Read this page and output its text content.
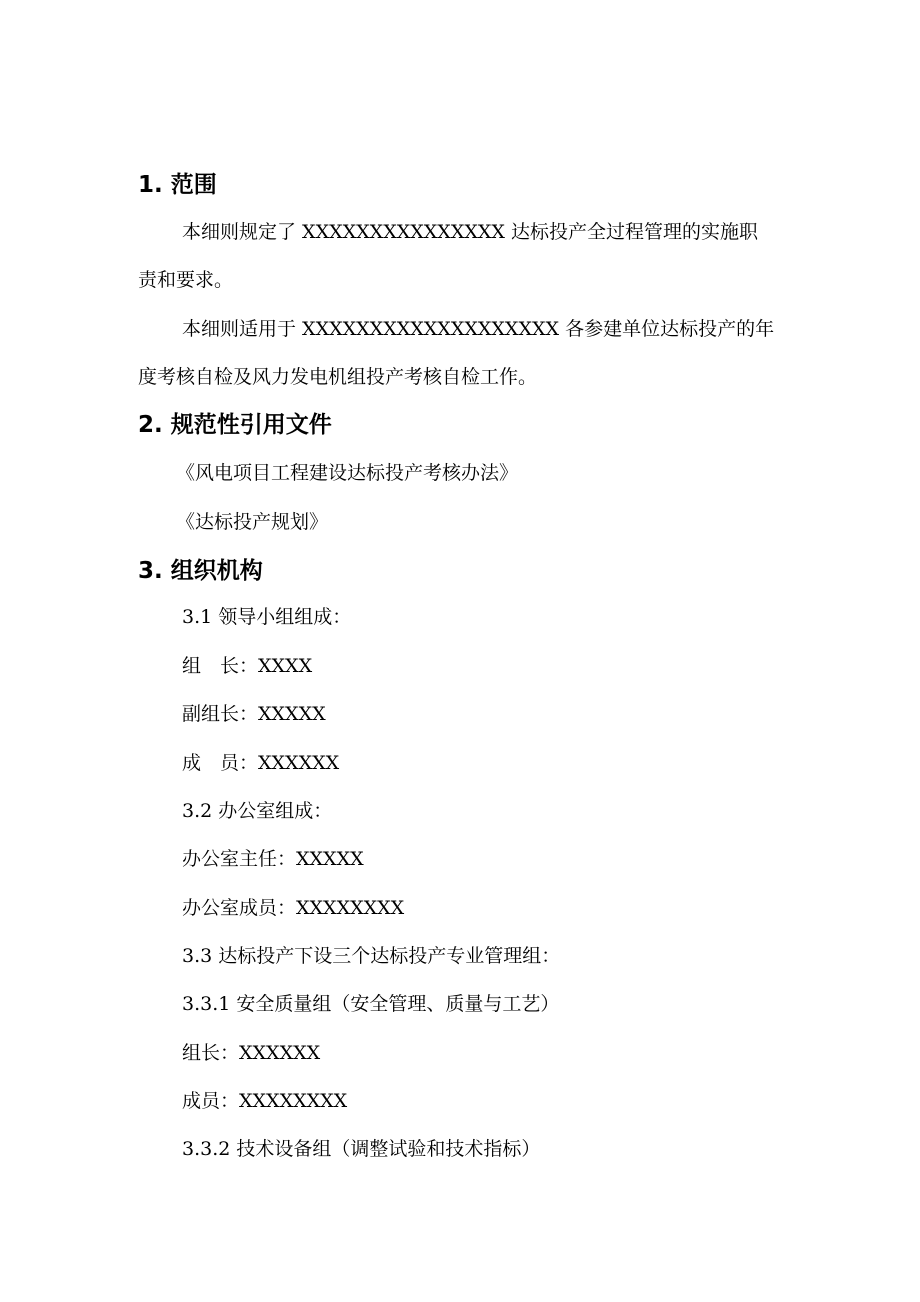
1. 范围
本细则规定了 XXXXXXXXXXXXXXX 达标投产全过程管理的实施职
责和要求。
本细则适用于 XXXXXXXXXXXXXXXXXXX 各参建单位达标投产的年
度考核自检及风力发电机组投产考核自检工作。
2. 规范性引用文件
《风电项目工程建设达标投产考核办法》
《达标投产规划》
3. 组织机构
3.1 领导小组组成：
组　长：XXXX
副组长：XXXXX
成　员：XXXXXX
3.2 办公室组成：
办公室主任：XXXXX
办公室成员：XXXXXXXX
3.3 达标投产下设三个达标投产专业管理组：
3.3.1 安全质量组（安全管理、质量与工艺）
组长：XXXXXX
成员：XXXXXXXX
3.3.2 技术设备组（调整试验和技术指标）
